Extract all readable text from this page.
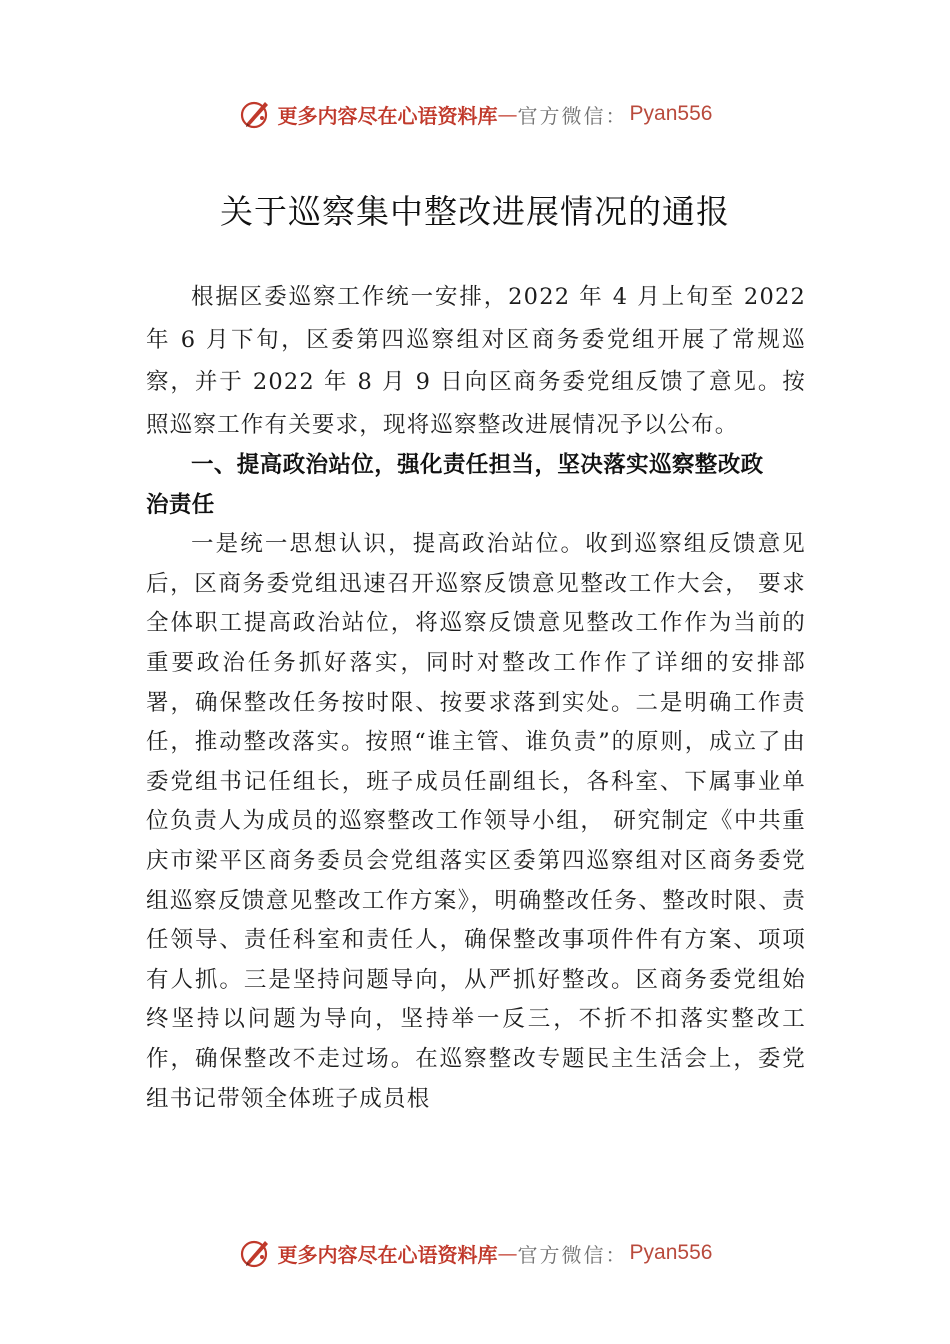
更多内容尽在心语资料库 — 官方微信： Pyan556
关于巡察集中整改进展情况的通报

根据区委巡察工作统一安排，2022 年 4 月上旬至 2022 年 6 月下旬，区委第四巡察组对区商务委党组开展了常规巡察，并于 2022 年 8 月 9 日向区商务委党组反馈了意见。按照巡察工作有关要求，现将巡察整改进展情况予以公布。

一、提高政治站位，强化责任担当，坚决落实巡察整改政治责任

一是统一思想认识，提高政治站位。收到巡察组反馈意见后，区商务委党组迅速召开巡察反馈意见整改工作大会， 要求全体职工提高政治站位，将巡察反馈意见整改工作作为当前的重要政治任务抓好落实，同时对整改工作作了详细的安排部署，确保整改任务按时限、按要求落到实处。二是明确工作责任，推动整改落实。按照“谁主管、谁负责”的原则，成立了由委党组书记任组长，班子成员任副组长，各科室、下属事业单位负责人为成员的巡察整改工作领导小组， 研究制定《中共重庆市梁平区商务委员会党组落实区委第四巡察组对区商务委党组巡察反馈意见整改工作方案》，明确整改任务、整改时限、责任领导、责任科室和责任人，确保整改事项件件有方案、项项有人抓。三是坚持问题导向，从严抓好整改。区商务委党组始终坚持以问题为导向，坚持举一反三，不折不扣落实整改工作，确保整改不走过场。在巡察整改专题民主生活会上，委党组书记带领全体班子成员根

更多内容尽在心语资料库 — 官方微信： Pyan556
